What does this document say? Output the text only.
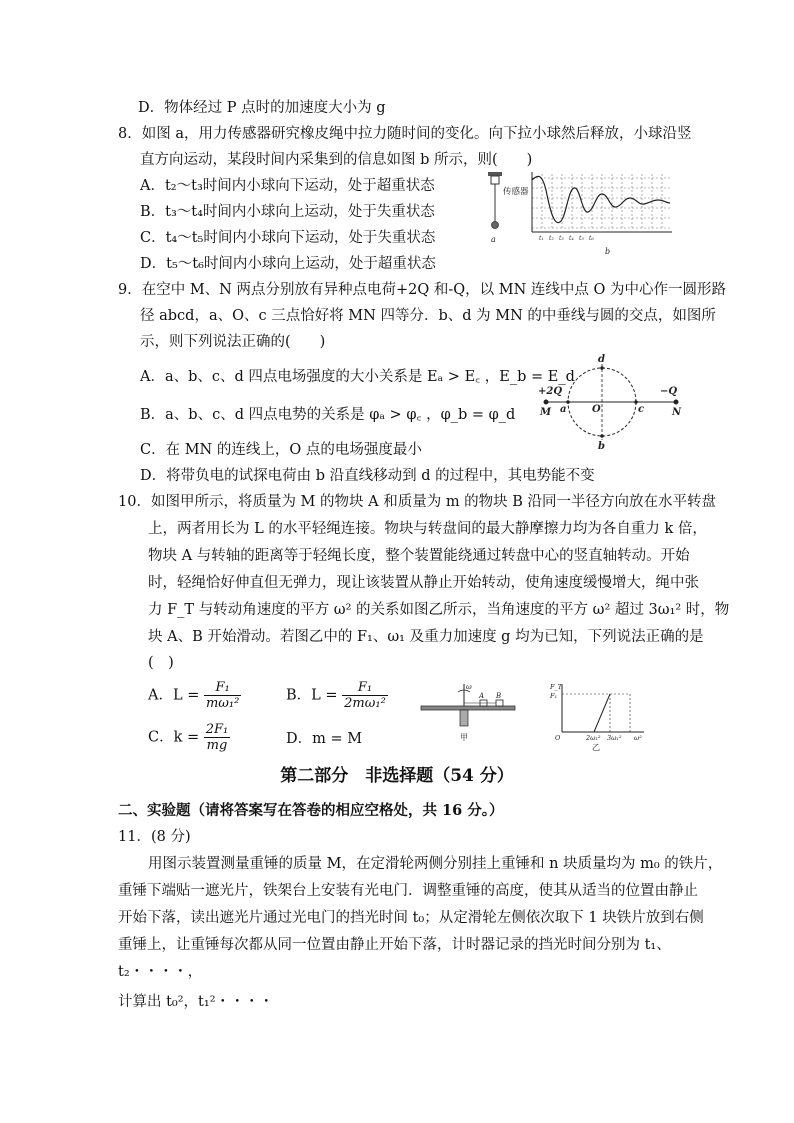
D．物体经过 P 点时的加速度大小为 g
8．如图 a，用力传感器研究橡皮绳中拉力随时间的变化。向下拉小球然后释放，小球沿竖
直方向运动，某段时间内采集到的信息如图 b 所示，则(　　)
A．t₂～t₃时间内小球向下运动，处于超重状态
B．t₃～t₄时间内小球向上运动，处于失重状态
C．t₄～t₅时间内小球向下运动，处于失重状态
D．t₅～t₆时间内小球向上运动，处于超重状态
传感器
a	t₁ t₂ t₃ t₄ t₅ t₆
b
9．在空中 M、N 两点分别放有异种点电荷+2Q 和-Q，以 MN 连线中点 O 为中心作一圆形路
径 abcd，a、O、c 三点恰好将 MN 四等分．b、d 为 MN 的中垂线与圆的交点，如图所
示，则下列说法正确的(　　)
A．a、b、c、d 四点电场强度的大小关系是 Eₐ > E꜀ ，E_b = E_d
B．a、b、c、d 四点电势的关系是 φₐ > φ꜀ ，φ_b = φ_d
C．在 MN 的连线上，O 点的电场强度最小
D．将带负电的试探电荷由 b 沿直线移动到 d 的过程中，其电势能不变
+2Q	−Q
M	N
a	O	c
b
d
10．如图甲所示，将质量为 M 的物块 A 和质量为 m 的物块 B 沿同一半径方向放在水平转盘
上，两者用长为 L 的水平轻绳连接。物块与转盘间的最大静摩擦力均为各自重力 k 倍，
物块 A 与转轴的距离等于轻绳长度，整个装置能绕通过转盘中心的竖直轴转动。开始
时，轻绳恰好伸直但无弹力，现让该装置从静止开始转动，使角速度缓慢增大，绳中张
力 F_T 与转动角速度的平方 ω² 的关系如图乙所示，当角速度的平方 ω² 超过 3ω₁² 时，物
块 A、B 开始滑动。若图乙中的 F₁、ω₁ 及重力加速度 g 均为已知，下列说法正确的是
(　)
A．$L = \frac{\text{F₁}}{\text{mω₁²}}$	B．$L = \frac{\text{F₁}}{\text{2mω₁²}}$
C．$k = \frac{\text{2F₁}}{mg}$	D．m = M
ω
A B
甲
F_T
F₁
O	2ω₁² 3ω₁² ω²
乙
第二部分　非选择题（54 分）
二、实验题（请将答案写在答卷的相应空格处，共 16 分。）
11．(8 分)
用图示装置测量重锤的质量 M，在定滑轮两侧分别挂上重锤和 n 块质量均为 m₀ 的铁片，
重锤下端贴一遮光片，铁架台上安装有光电门．调整重锤的高度，使其从适当的位置由静止
开始下落，读出遮光片通过光电门的挡光时间 t₀；从定滑轮左侧依次取下 1 块铁片放到右侧
重锤上，让重锤每次都从同一位置由静止开始下落，计时器记录的挡光时间分别为 t₁、
t₂・・・・，
计算出 t₀²，t₁²・・・・
